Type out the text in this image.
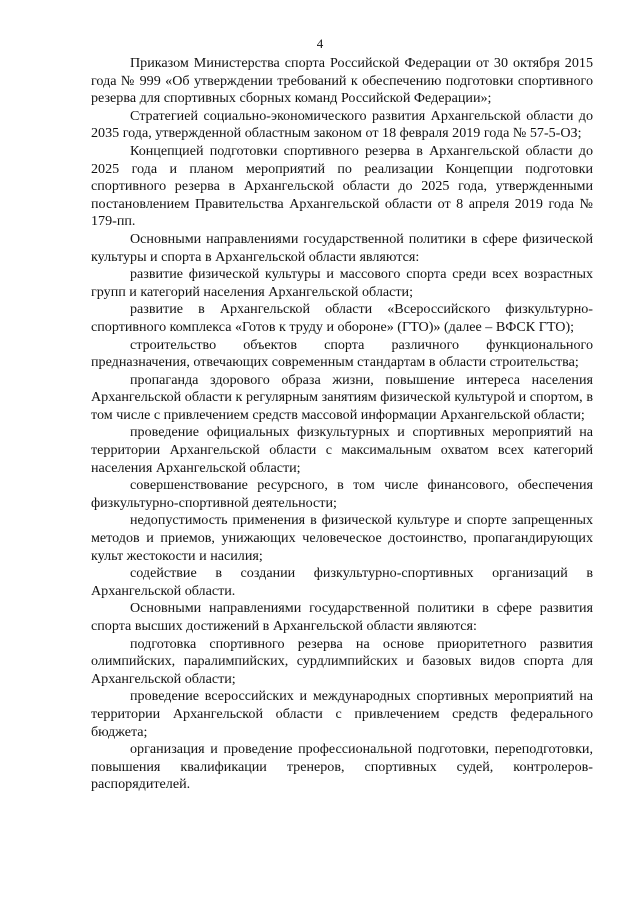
4

Приказом Министерства спорта Российской Федерации от 30 октября 2015 года № 999 «Об утверждении требований к обеспечению подготовки спортивного резерва для спортивных сборных команд Российской Федерации»;

Стратегией социально-экономического развития Архангельской области до 2035 года, утвержденной областным законом от 18 февраля 2019 года № 57-5-ОЗ;

Концепцией подготовки спортивного резерва в Архангельской области до 2025 года и планом мероприятий по реализации Концепции подготовки спортивного резерва в Архангельской области до 2025 года, утвержденными постановлением Правительства Архангельской области от 8 апреля 2019 года № 179-пп.

Основными направлениями государственной политики в сфере физической культуры и спорта в Архангельской области являются:

развитие физической культуры и массового спорта среди всех возрастных групп и категорий населения Архангельской области;

развитие в Архангельской области «Всероссийского физкультурно-спортивного комплекса «Готов к труду и обороне» (ГТО)» (далее – ВФСК ГТО);

строительство объектов спорта различного функционального предназначения, отвечающих современным стандартам в области строительства;

пропаганда здорового образа жизни, повышение интереса населения Архангельской области к регулярным занятиям физической культурой и спортом, в том числе с привлечением средств массовой информации Архангельской области;

проведение официальных физкультурных и спортивных мероприятий на территории Архангельской области с максимальным охватом всех категорий населения Архангельской области;

совершенствование ресурсного, в том числе финансового, обеспечения физкультурно-спортивной деятельности;

недопустимость применения в физической культуре и спорте запрещенных методов и приемов, унижающих человеческое достоинство, пропагандирующих культ жестокости и насилия;

содействие в создании физкультурно-спортивных организаций в Архангельской области.

Основными направлениями государственной политики в сфере развития спорта высших достижений в Архангельской области являются:

подготовка спортивного резерва на основе приоритетного развития олимпийских, паралимпийских, сурдлимпийских и базовых видов спорта для Архангельской области;

проведение всероссийских и международных спортивных мероприятий на территории Архангельской области с привлечением средств федерального бюджета;

организация и проведение профессиональной подготовки, переподготовки, повышения квалификации тренеров, спортивных судей, контролеров-распорядителей.
